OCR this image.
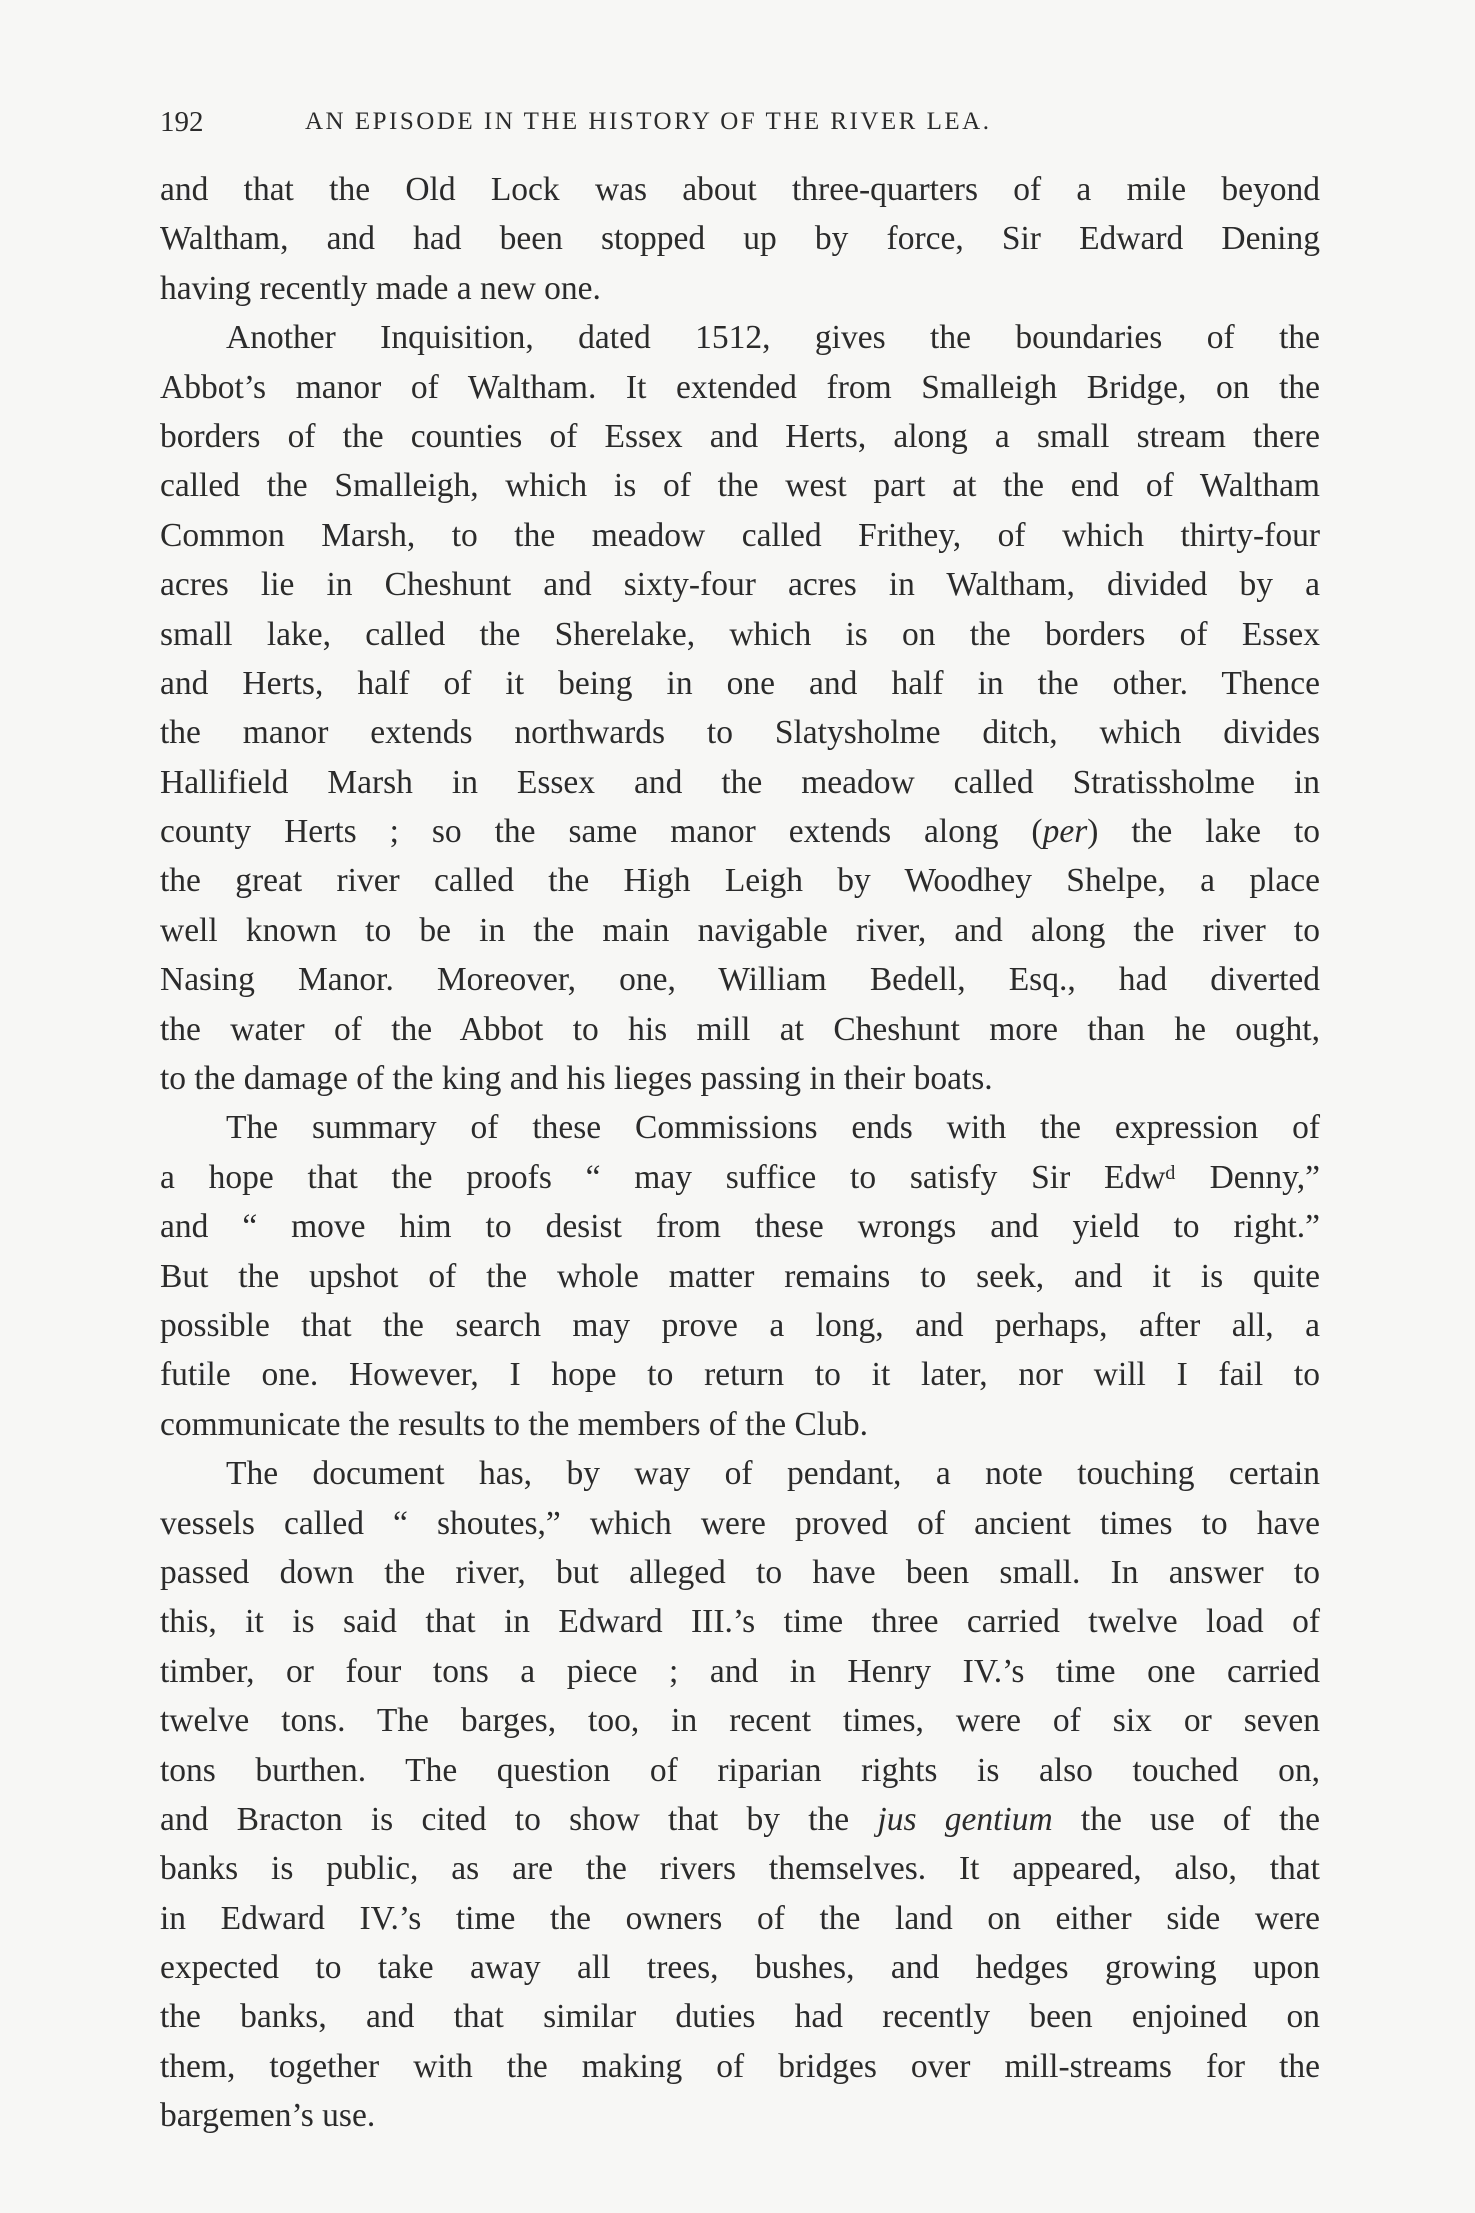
192	AN EPISODE IN THE HISTORY OF THE RIVER LEA.
and that the Old Lock was about three-quarters of a mile beyond
Waltham, and had been stopped up by force, Sir Edward Dening
having recently made a new one.
Another Inquisition, dated 1512, gives the boundaries of the
Abbot’s manor of Waltham. It extended from Smalleigh Bridge, on the
borders of the counties of Essex and Herts, along a small stream there
called the Smalleigh, which is of the west part at the end of Waltham
Common Marsh, to the meadow called Frithey, of which thirty-four
acres lie in Cheshunt and sixty-four acres in Waltham, divided by a
small lake, called the Sherelake, which is on the borders of Essex
and Herts, half of it being in one and half in the other. Thence
the manor extends northwards to Slatysholme ditch, which divides
Hallifield Marsh in Essex and the meadow called Stratissholme in
county Herts ; so the same manor extends along (per) the lake to
the great river called the High Leigh by Woodhey Shelpe, a place
well known to be in the main navigable river, and along the river to
Nasing Manor. Moreover, one, William Bedell, Esq., had diverted
the water of the Abbot to his mill at Cheshunt more than he ought,
to the damage of the king and his lieges passing in their boats.
The summary of these Commissions ends with the expression of
a hope that the proofs “ may suffice to satisfy Sir Edwᵈ Denny,”
and “ move him to desist from these wrongs and yield to right.”
But the upshot of the whole matter remains to seek, and it is quite
possible that the search may prove a long, and perhaps, after all, a
futile one. However, I hope to return to it later, nor will I fail to
communicate the results to the members of the Club.
The document has, by way of pendant, a note touching certain
vessels called “ shoutes,” which were proved of ancient times to have
passed down the river, but alleged to have been small. In answer to
this, it is said that in Edward III.’s time three carried twelve load of
timber, or four tons a piece ; and in Henry IV.’s time one carried
twelve tons. The barges, too, in recent times, were of six or seven
tons burthen. The question of riparian rights is also touched on,
and Bracton is cited to show that by the jus gentium the use of the
banks is public, as are the rivers themselves. It appeared, also, that
in Edward IV.’s time the owners of the land on either side were
expected to take away all trees, bushes, and hedges growing upon
the banks, and that similar duties had recently been enjoined on
them, together with the making of bridges over mill-streams for the
bargemen’s use.
